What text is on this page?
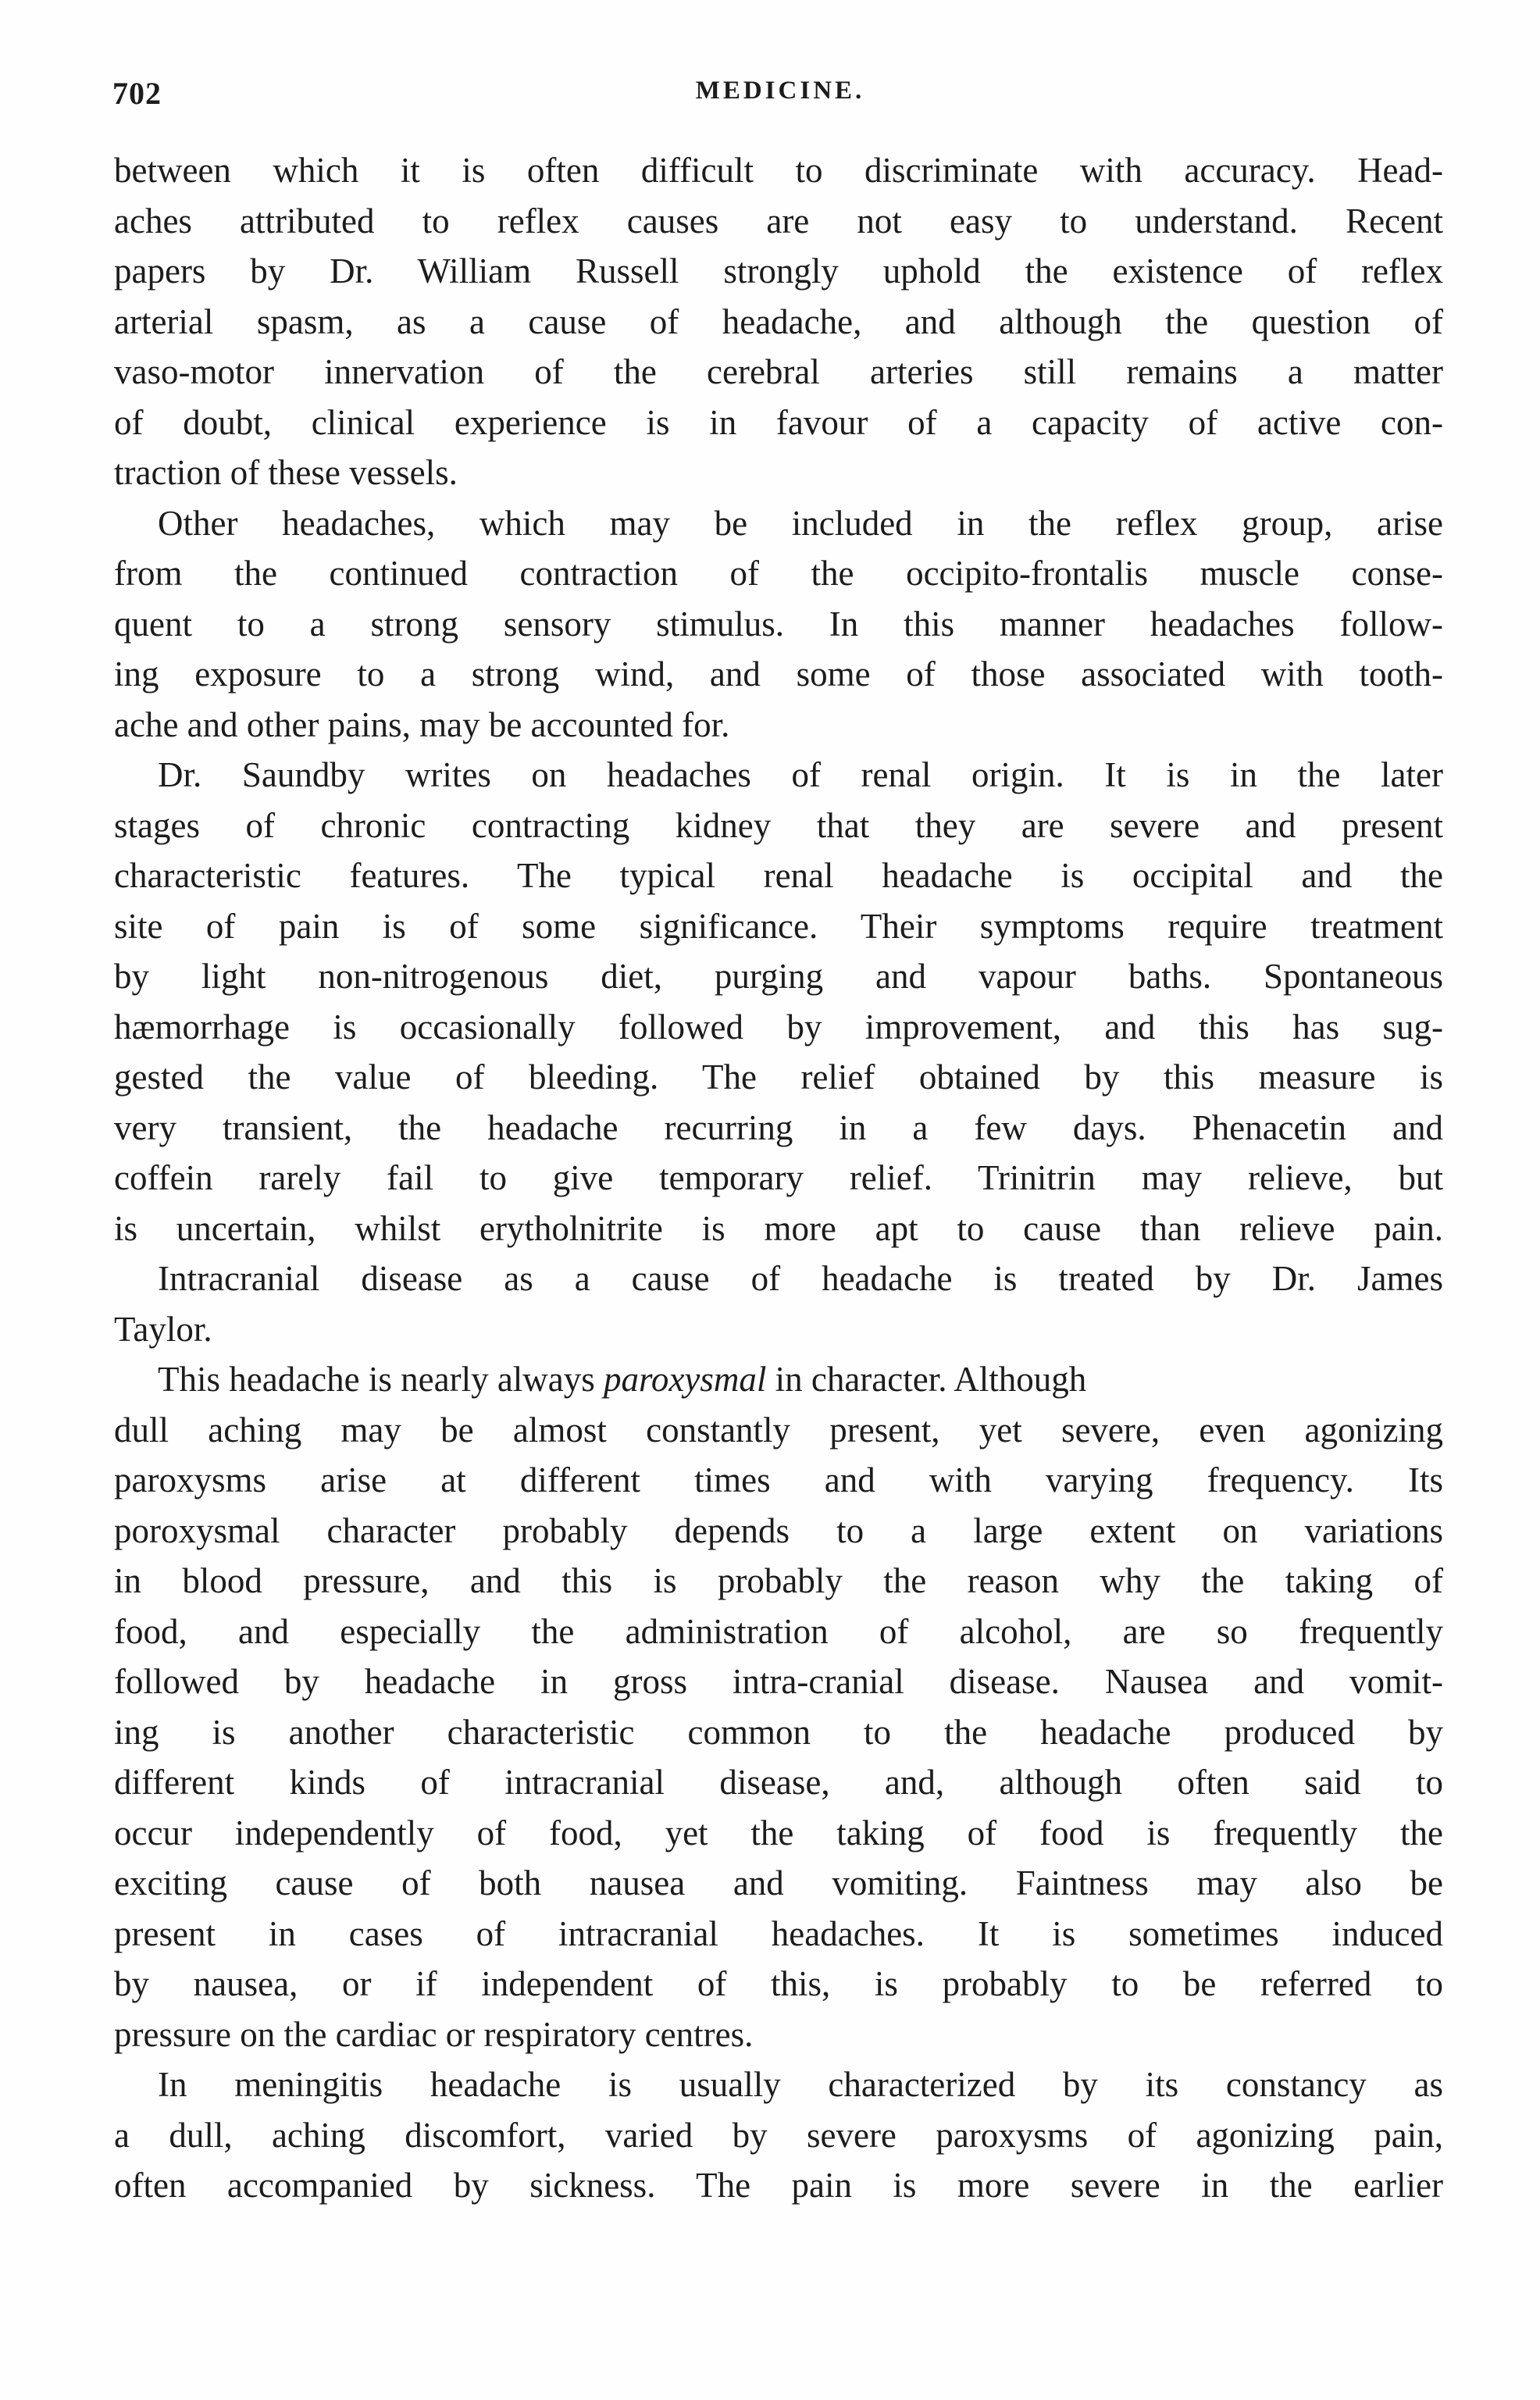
702	MEDICINE.
between which it is often difficult to discriminate with accuracy. Head-
aches attributed to reflex causes are not easy to understand. Recent
papers by Dr. William Russell strongly uphold the existence of reflex
arterial spasm, as a cause of headache, and although the question of
vaso-motor innervation of the cerebral arteries still remains a matter
of doubt, clinical experience is in favour of a capacity of active con-
traction of these vessels.
Other headaches, which may be included in the reflex group, arise
from the continued contraction of the occipito-frontalis muscle conse-
quent to a strong sensory stimulus. In this manner headaches follow-
ing exposure to a strong wind, and some of those associated with tooth-
ache and other pains, may be accounted for.
Dr. Saundby writes on headaches of renal origin. It is in the later
stages of chronic contracting kidney that they are severe and present
characteristic features. The typical renal headache is occipital and the
site of pain is of some significance. Their symptoms require treatment
by light non-nitrogenous diet, purging and vapour baths. Spontaneous
hæmorrhage is occasionally followed by improvement, and this has sug-
gested the value of bleeding. The relief obtained by this measure is
very transient, the headache recurring in a few days. Phenacetin and
coffein rarely fail to give temporary relief. Trinitrin may relieve, but
is uncertain, whilst erytholnitrite is more apt to cause than relieve pain.
Intracranial disease as a cause of headache is treated by Dr. James
Taylor.
This headache is nearly always paroxysmal in character. Although
dull aching may be almost constantly present, yet severe, even agonizing
paroxysms arise at different times and with varying frequency. Its
poroxysmal character probably depends to a large extent on variations
in blood pressure, and this is probably the reason why the taking of
food, and especially the administration of alcohol, are so frequently
followed by headache in gross intra-cranial disease. Nausea and vomit-
ing is another characteristic common to the headache produced by
different kinds of intracranial disease, and, although often said to
occur independently of food, yet the taking of food is frequently the
exciting cause of both nausea and vomiting. Faintness may also be
present in cases of intracranial headaches. It is sometimes induced
by nausea, or if independent of this, is probably to be referred to
pressure on the cardiac or respiratory centres.
In meningitis headache is usually characterized by its constancy as
a dull, aching discomfort, varied by severe paroxysms of agonizing pain,
often accompanied by sickness. The pain is more severe in the earlier
